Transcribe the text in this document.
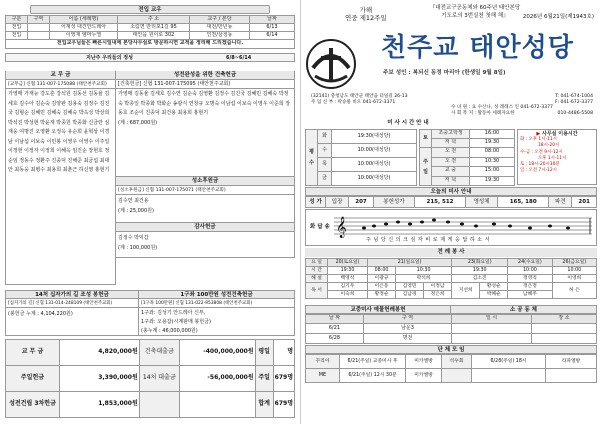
전입 교우
구분	구역	이름 (세례명)	주 소	교구 / 본당	날짜
전입		이재성 대건안드레아	소림면 만리포1길 95	대전/만년동	6/13
전입		이영재 엠마누엘	태안읍 원이로 302	인천/삼청동	6/14
전입교우님들은 빠른시일내에 본당사무실로 방문하시면 교적을 정리해 드리겠습니다.					
지난주 우리들의 정성	6/8~6/14
교 무 금
[교무금] 신협 131-007-175088 (태안천주교회)
가영매 가재능 강도훈 강석원 김동선 김동율 김세호 김수아 김순숙 김양완 김용숙 김정수 김진국 김형순 김혜민 김혜숙 김혜숙 박옥성 박상희 박석진 박성현 박윤재 박종원 박종화 신금란 심재웅 여명진 오영환 오정옥 유순희 윤혁상 이경남 이남섭 이보숙 이민봉 이영우 이영수 이주일 이정현 이정자 이정희 이혜옥 임진순 장현호 정순임 정동수 정환주 진종덕 진해준 최금섭 최대안 최동웅 최병수 최용희 최춘근 하신영 홍현기
성전완성을 위한 건축헌금
[건축헌금] 신협 131-007-175095 (태안천주교회)
가영매 김동율 김세호 김수연 김순숙 김영환 김정수 김진국 김혜민 김혜숙 박정숙 박종일 박종화 박화순 송광식 연창규 오명숙 이남섭 이보숙 이영우 이준희 장동호 조순이 진종덕 최건용 최용희 홍현기
(계 : 687,000원)
성소후원금
[성소후원금] 신협 131-007-175071 (태안천주교회)
김수연 최건용
(계 : 25,000원)
감사헌금
김정수 박익갑
(계 : 100,000원)
14처 십자가의 길 조성 봉헌금
[십자가의 길] 신협 131-014-248109 (태안천주교회)
(봉헌금 누계 : 4,104,220원)
1구좌 100만원 성전건축헌금
[1구좌 100만원] 신협 131-022-953808 (태안천주교회)
1구좌: 김성기 안드레아 신부,
1구좌: 오용갑(시계판매 봉헌금)
(총누계 : 46,000,000원)
교 무 금	4,820,000원	건축대출금	-400,000,000원	평일	명
주일헌금	3,390,000원	14처 대출금	-56,000,000원	주일	679명
성전건립 3차헌금	1,853,000원			합계	679명
가해
연중 제12주일
『대전교구공동체와 60주년 태안본당
기도로의 3번실천 첫해 해』	2026년 6월21일(제1943호)
천주교 태안성당
주보 성인 : 복되신 동정 마리아 (한생일 9월 8일)
(32141) 충청남도 태안군 태안읍 터널길 26-13	T: 041-674-1004
주 임 신 부 : 곽승룡 비오 041-672-3371	F: 041-672-3377
수 녀 원 : 요 수산나, 성 레레스 인 041-672-3377
사 회 복 지 : 활동아 세례자요한	010-4486-5508
미 사 시 간 안 내
평
수	화	19:30(대성당)
	수	10:00(대성당)
	목	10:00(대성당)
	금	10:00(대성당)
토	조중고학생	16:00
	저 녁	19:30

주
일	오 전	08:00
	오 전	10:30
	교 중	15:00
	저 녁	19:30
▶ 사무실 이용시간
화 : 오후 1시-11시
18시-20시
수-금 : 오전 9시-12시
오후 1시-11시
토 : 18시-20시30분
일 : 오전 7시-12시
오늘의 미사 안내
성 가	입장	207	봉헌성가	215, 512	영성체	165, 180	파견	201
화 답 송 𝄞
주 님 당 신 의 크 심 자 비 로 제 게 응 답 하 소 서
전 례 봉 사
요 일	20(토요일)	21(일요일)			23(화요일)		24(수요일)	26(금요일)
시 간	19:30	08:00	10:30		19:30		10:00	10:00
해 설	백영석	이광규	곽석희		김소진		정영직	이영희
독 서	김기두	이은동	김영민	이정남	지선희	황성순	정은정	허 은
	이숙희	황정순	김남경	정은희		박혜순	남혜주	
교중미사 예물헌례봉헌	소 공 동 체
날 짜	구 역	일 시	장 소
6/21	남운3		
6/28	명전		
단 체 모 임
꾸리아	6/21(주일) 교중미사 후	미카엘방	석우회	6/28(주일) 18시	라파엘방
ME	6/21(주일) 12시 30분	미카엘방			
